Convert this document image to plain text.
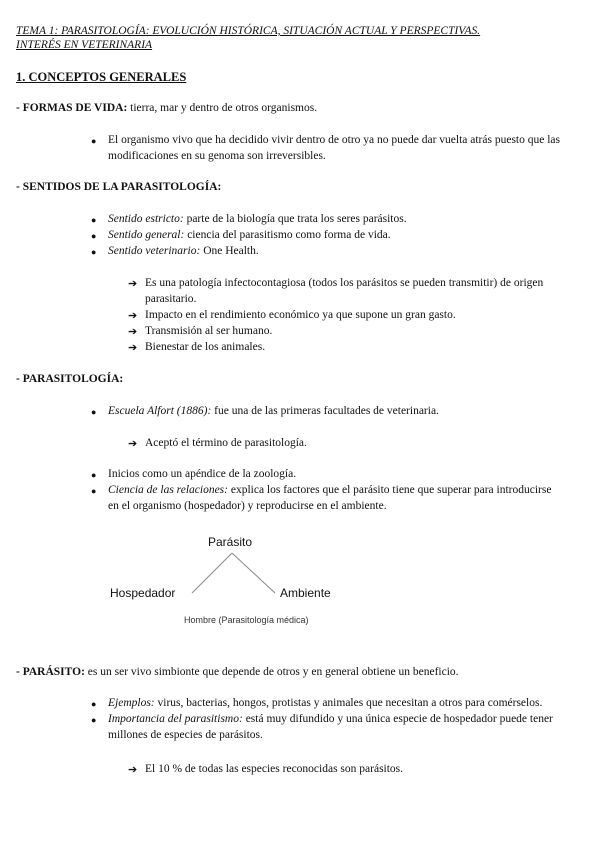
TEMA 1: PARASITOLOGÍA: EVOLUCIÓN HISTÓRICA, SITUACIÓN ACTUAL Y PERSPECTIVAS.
INTERÉS EN VETERINARIA
1. CONCEPTOS GENERALES
- FORMAS DE VIDA: tierra, mar y dentro de otros organismos.
● El organismo vivo que ha decidido vivir dentro de otro ya no puede dar vuelta atrás puesto que las
modificaciones en su genoma son irreversibles.
- SENTIDOS DE LA PARASITOLOGÍA:
● Sentido estricto: parte de la biología que trata los seres parásitos.
● Sentido general: ciencia del parasitismo como forma de vida.
● Sentido veterinario: One Health.
➔ Es una patología infectocontagiosa (todos los parásitos se pueden transmitir) de origen
parasitario.
➔ Impacto en el rendimiento económico ya que supone un gran gasto.
➔ Transmisión al ser humano.
➔ Bienestar de los animales.
- PARASITOLOGÍA:
● Escuela Alfort (1886): fue una de las primeras facultades de veterinaria.
➔ Aceptó el término de parasitología.
● Inicios como un apéndice de la zoología.
● Ciencia de las relaciones: explica los factores que el parásito tiene que superar para introducirse
en el organismo (hospedador) y reproducirse en el ambiente.
Parásito
Hospedador	Ambiente
Hombre (Parasitología médica)
- PARÁSITO: es un ser vivo simbionte que depende de otros y en general obtiene un beneficio.
● Ejemplos: virus, bacterias, hongos, protistas y animales que necesitan a otros para comérselos.
● Importancia del parasitismo: está muy difundido y una única especie de hospedador puede tener
millones de especies de parásitos.
➔ El 10 % de todas las especies reconocidas son parásitos.
